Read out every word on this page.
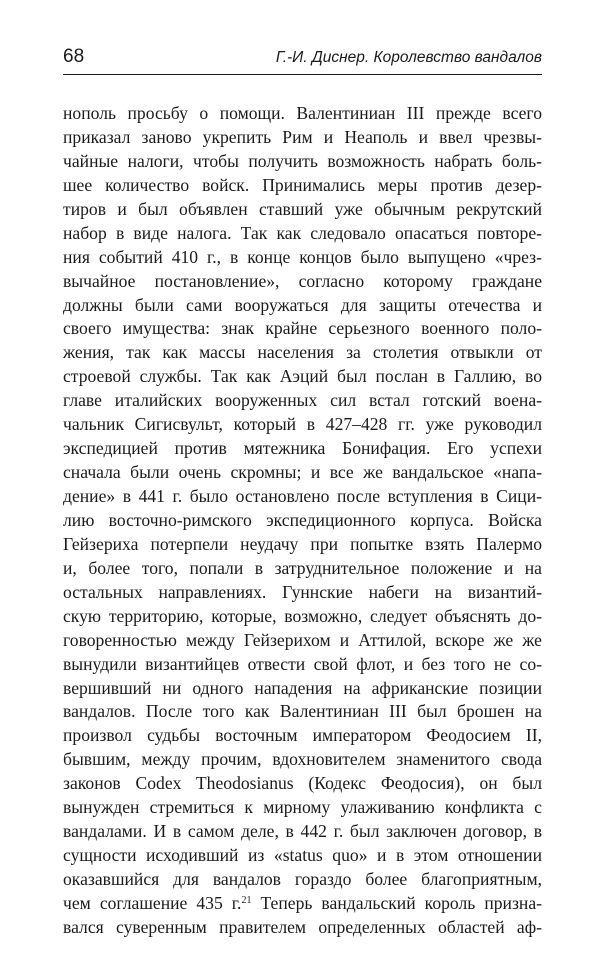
68	Г.-И. Диснер. Королевство вандалов
нополь просьбу о помощи. Валентиниан III прежде всего
приказал заново укрепить Рим и Неаполь и ввел чрезвы-
чайные налоги, чтобы получить возможность набрать боль-
шее количество войск. Принимались меры против дезер-
тиров и был объявлен ставший уже обычным рекрутский
набор в виде налога. Так как следовало опасаться повторе-
ния событий 410 г., в конце концов было выпущено «чрез-
вычайное постановление», согласно которому граждане
должны были сами вооружаться для защиты отечества и
своего имущества: знак крайне серьезного военного поло-
жения, так как массы населения за столетия отвыкли от
строевой службы. Так как Аэций был послан в Галлию, во
главе италийских вооруженных сил встал готский воена-
чальник Сигисвульт, который в 427–428 гг. уже руководил
экспедицией против мятежника Бонифация. Его успехи
сначала были очень скромны; и все же вандальское «напа-
дение» в 441 г. было остановлено после вступления в Сици-
лию восточно-римского экспедиционного корпуса. Войска
Гейзериха потерпели неудачу при попытке взять Палермо
и, более того, попали в затруднительное положение и на
остальных направлениях. Гуннские набеги на византий-
скую территорию, которые, возможно, следует объяснять до-
говоренностью между Гейзерихом и Аттилой, вскоре же же
вынудили византийцев отвести свой флот, и без того не со-
вершивший ни одного нападения на африканские позиции
вандалов. После того как Валентиниан III был брошен на
произвол судьбы восточным императором Феодосием II,
бывшим, между прочим, вдохновителем знаменитого свода
законов Codex Theodosianus (Кодекс Феодосия), он был
вынужден стремиться к мирному улаживанию конфликта с
вандалами. И в самом деле, в 442 г. был заключен договор, в
сущности исходивший из «status quo» и в этом отношении
оказавшийся для вандалов гораздо более благоприятным,
чем соглашение 435 г.$^{21}$ Теперь вандальский король призна-
вался суверенным правителем определенных областей аф-
